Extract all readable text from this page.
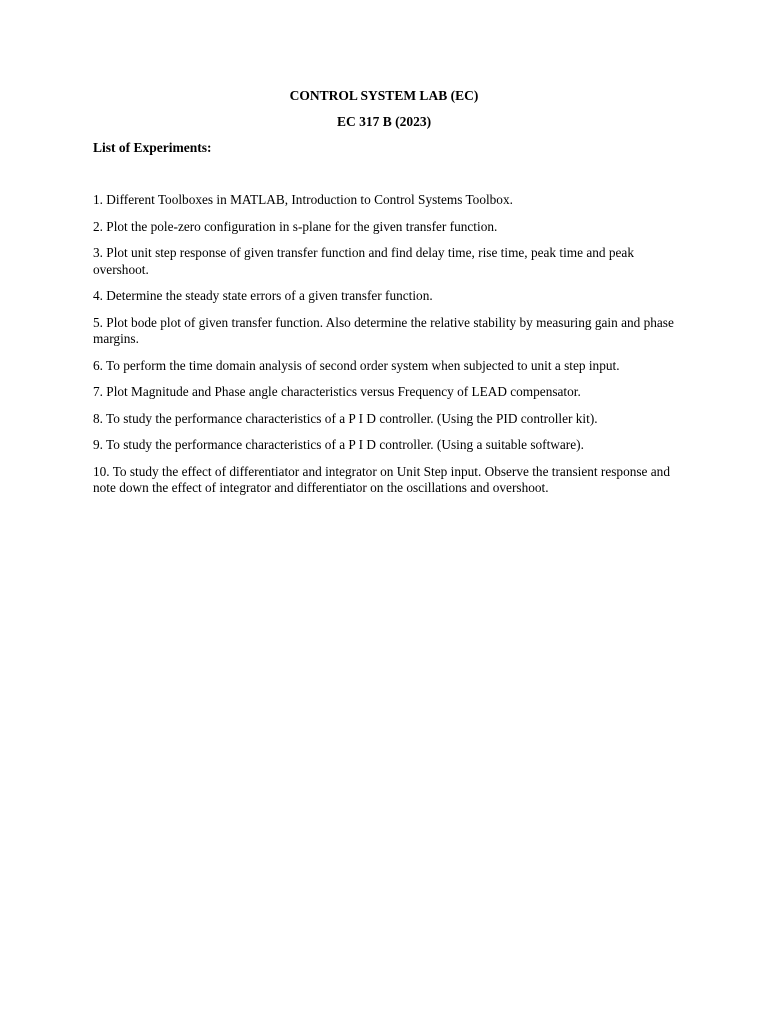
CONTROL SYSTEM LAB (EC)
EC 317 B (2023)
List of Experiments:
1. Different Toolboxes in MATLAB, Introduction to Control Systems Toolbox.
2. Plot the pole-zero configuration in s-plane for the given transfer function.
3. Plot unit step response of given transfer function and find delay time, rise time, peak time and peak overshoot.
4. Determine the steady state errors of a given transfer function.
5. Plot bode plot of given transfer function. Also determine the relative stability by measuring gain and phase margins.
6. To perform the time domain analysis of second order system when subjected to unit a step input.
7. Plot Magnitude and Phase angle characteristics versus Frequency of LEAD compensator.
8. To study the performance characteristics of a P I D controller. (Using the PID controller kit).
9. To study the performance characteristics of a P I D controller. (Using a suitable software).
10. To study the effect of differentiator and integrator on Unit Step input. Observe the transient response and note down the effect of integrator and differentiator on the oscillations and overshoot.
